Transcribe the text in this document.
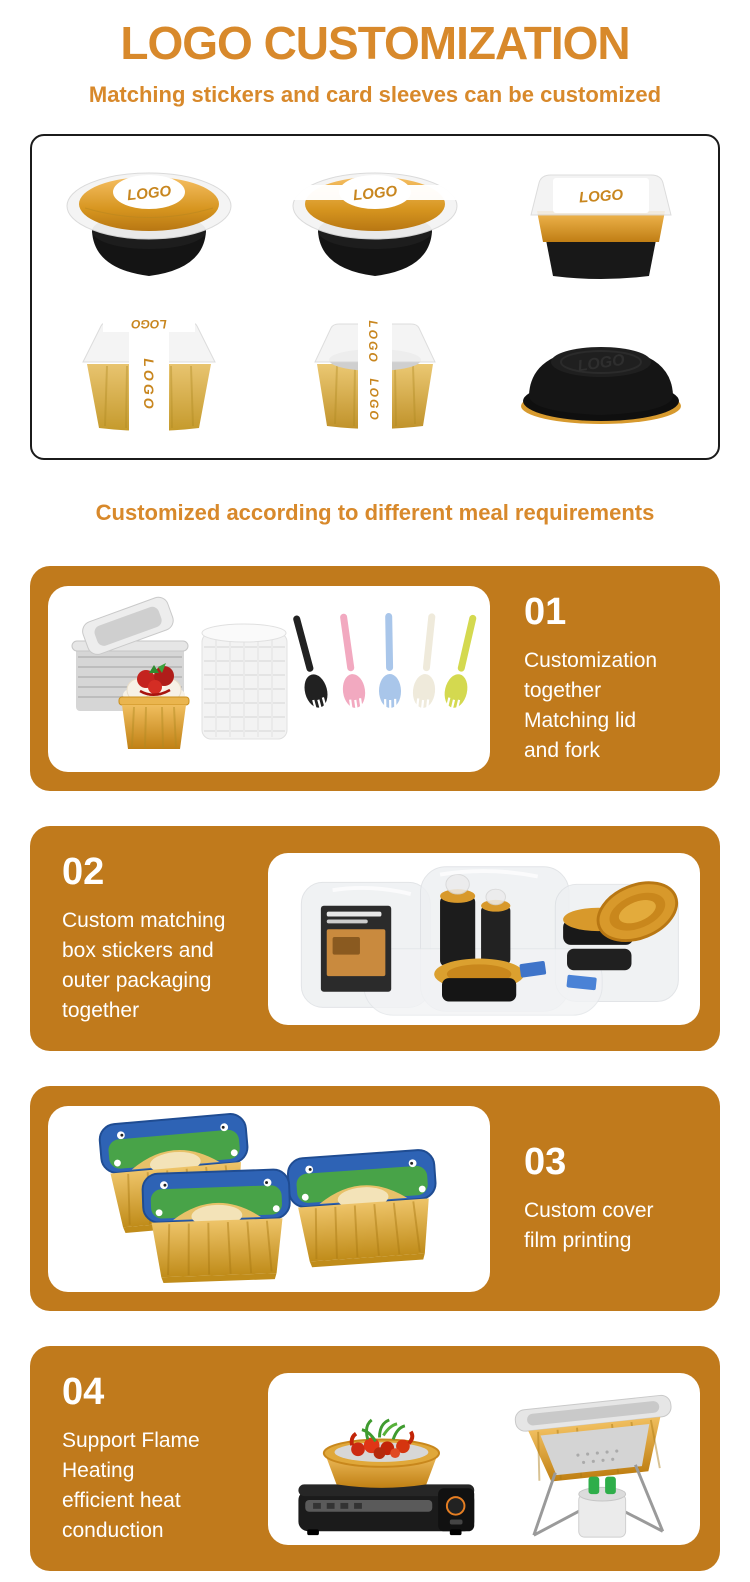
LOGO CUSTOMIZATION

Matching stickers and card sleeves can be customized

LOGO	LOGO	LOGO
LOGO
LOGO
LOGO
LOGO
LOGO
Customized according to different meal requirements
01

Customization
together
Matching lid
and fork

02

Custom matching
box stickers and
outer packaging
together

03

Custom cover
film printing

04

Support Flame
Heating
efficient heat
conduction
